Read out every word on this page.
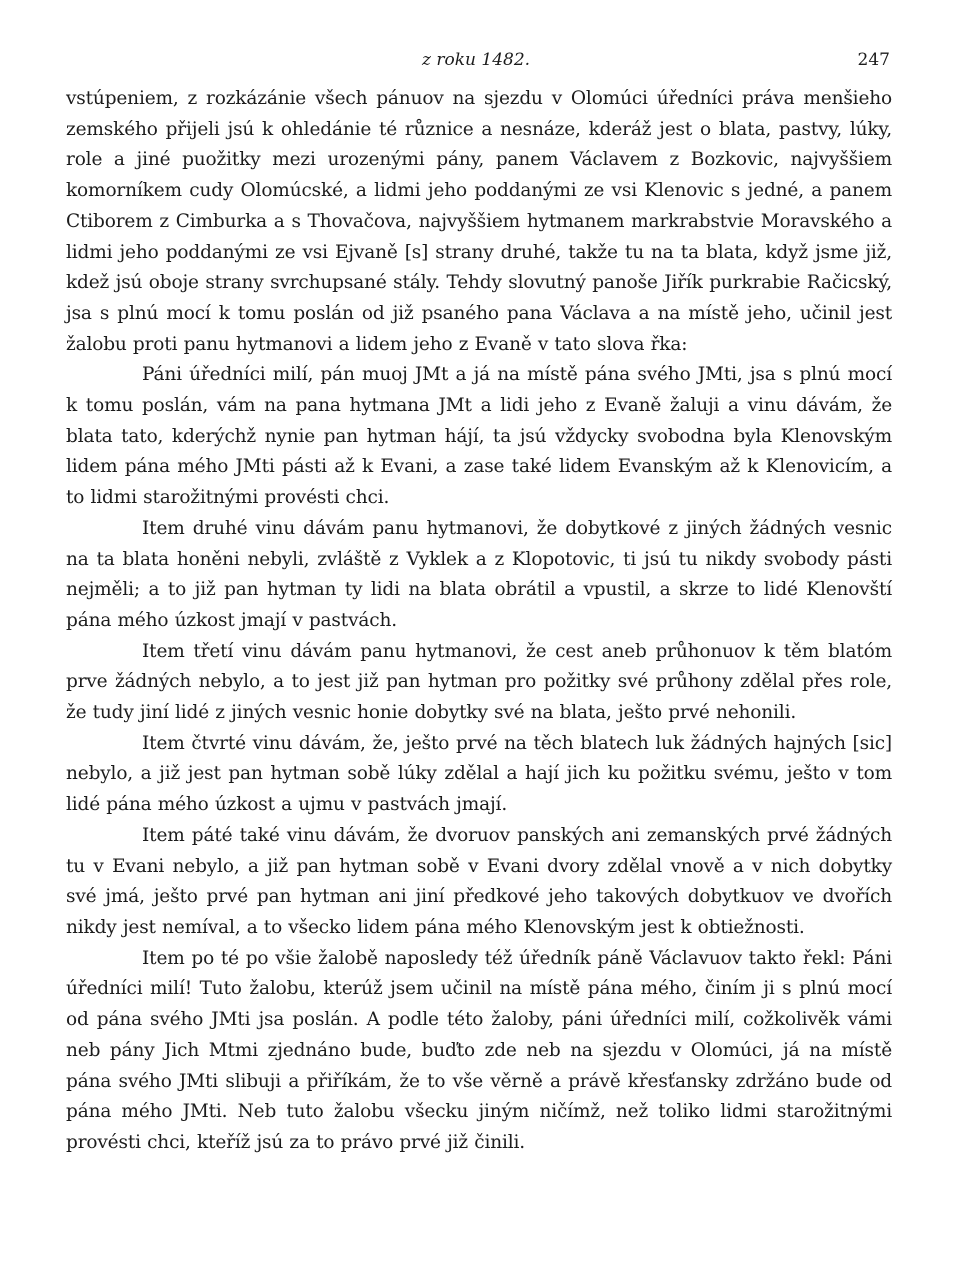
z roku 1482.	247

vstúpeniem, z rozkázánie všech pánuov na sjezdu v Olomúci úředníci práva menšieho zemského přijeli jsú k ohledánie té různice a nesnáze, kderáž jest o blata, pastvy, lúky, role a jiné puožitky mezi urozenými pány, panem Václavem z Bozkovic, najvyššiem komorníkem cudy Olomúcské, a lidmi jeho poddanými ze vsi Klenovic s jedné, a panem Ctiborem z Cimburka a s Thovačova, najvyššiem hytmanem markrabstvie Moravského a lidmi jeho poddanými ze vsi Ejvaně [s] strany druhé, takže tu na ta blata, když jsme již, kdež jsú oboje strany svrchupsané stály. Tehdy slovutný panoše Jiřík purkrabie Račicský, jsa s plnú mocí k tomu poslán od již psaného pana Václava a na místě jeho, učinil jest žalobu proti panu hytmanovi a lidem jeho z Evaně v tato slova řka:

Páni úředníci milí, pán muoj JMt a já na místě pána svého JMti, jsa s plnú mocí k tomu poslán, vám na pana hytmana JMt a lidi jeho z Evaně žaluji a vinu dávám, že blata tato, kderýchž nynie pan hytman hájí, ta jsú vždycky svobodna byla Klenovským lidem pána mého JMti pásti až k Evani, a zase také lidem Evanským až k Klenovicím, a to lidmi starožitnými provésti chci.

Item druhé vinu dávám panu hytmanovi, že dobytkové z jiných žádných vesnic na ta blata honěni nebyli, zvláště z Vyklek a z Klopotovic, ti jsú tu nikdy svobody pásti nejměli; a to již pan hytman ty lidi na blata obrátil a vpustil, a skrze to lidé Klenovští pána mého úzkost jmají v pastvách.

Item třetí vinu dávám panu hytmanovi, že cest aneb průhonuov k těm blatóm prve žádných nebylo, a to jest již pan hytman pro požitky své průhony zdělal přes role, že tudy jiní lidé z jiných vesnic honie dobytky své na blata, ješto prvé nehonili.

Item čtvrté vinu dávám, že, ješto prvé na těch blatech luk žádných hajných [sic] nebylo, a již jest pan hytman sobě lúky zdělal a hají jich ku požitku svému, ješto v tom lidé pána mého úzkost a ujmu v pastvách jmají.

Item páté také vinu dávám, že dvoruov panských ani zemanských prvé žádných tu v Evani nebylo, a již pan hytman sobě v Evani dvory zdělal vnově a v nich dobytky své jmá, ješto prvé pan hytman ani jiní předkové jeho takových dobytkuov ve dvořích nikdy jest nemíval, a to všecko lidem pána mého Klenovským jest k obtiežnosti.

Item po té po všie žalobě naposledy též úředník páně Václavuov takto řekl: Páni úředníci milí! Tuto žalobu, kterúž jsem učinil na místě pána mého, činím ji s plnú mocí od pána svého JMti jsa poslán. A podle této žaloby, páni úředníci milí, cožkolivěk vámi neb pány Jich Mtmi zjednáno bude, buďto zde neb na sjezdu v Olomúci, já na místě pána svého JMti slibuji a přiříkám, že to vše věrně a právě křesťansky zdržáno bude od pána mého JMti. Neb tuto žalobu všecku jiným ničímž, než toliko lidmi starožitnými provésti chci, kteříž jsú za to právo prvé již činili.
